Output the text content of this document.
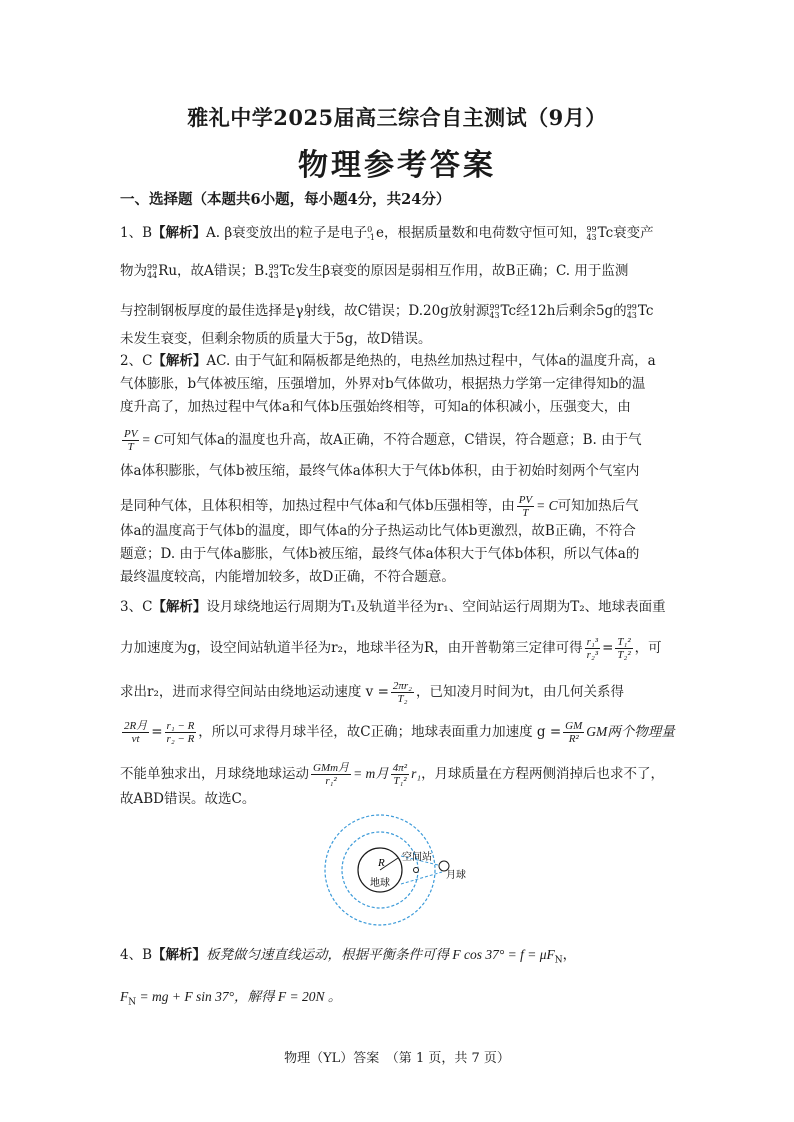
雅礼中学2025届高三综合自主测试（9月）
物理参考答案
一、选择题（本题共6小题，每小题4分，共24分）
1、B【解析】A. β衰变放出的粒子是电子 0
-1 e，根据质量数和电荷数守恒可知， 99
43 Tc衰变产
物为 99
44 Ru，故A错误；B. 99
43 Tc发生β衰变的原因是弱相互作用，故B正确；C. 用于监测
与控制钢板厚度的最佳选择是γ射线，故C错误；D.20g放射源 99
43 Tc经12h后剩余5g的 99
43 Tc
未发生衰变，但剩余物质的质量大于5g，故D错误。
2、C【解析】AC. 由于气缸和隔板都是绝热的，电热丝加热过程中，气体a的温度升高，a
气体膨胀，b气体被压缩，压强增加，外界对b气体做功，根据热力学第一定律得知b的温
度升高了，加热过程中气体a和气体b压强始终相等，可知a的体积减小，压强变大，由
$\frac{PV}{T} = C$可知气体a的温度也升高，故A正确，不符合题意，C错误，符合题意；B. 由于气
体a体积膨胀，气体b被压缩，最终气体a体积大于气体b体积，由于初始时刻两个气室内
是同种气体，且体积相等，加热过程中气体a和气体b压强相等，由 $\frac{PV}{T} = C$可知加热后气
体a的温度高于气体b的温度，即气体a的分子热运动比气体b更激烈，故B正确，不符合
题意；D. 由于气体a膨胀，气体b被压缩，最终气体a体积大于气体b体积，所以气体a的
最终温度较高，内能增加较多，故D正确，不符合题意。
3、C【解析】设月球绕地运行周期为T₁及轨道半径为r₁、空间站运行周期为T₂、地球表面重
力加速度为g，设空间站轨道半径为r₂，地球半径为R，由开普勒第三定律可得 $\frac{\text{r₁³}}{\text{r₂³}} = \frac{\text{T₁²}}{\text{T₂²}}$ ，可
求出r₂，进而求得空间站由绕地运动速度 $v = \frac{\text{2πr₂}}{\text{T₂}}$ ，已知凌月时间为t，由几何关系得
$\frac{\text{2R月}}{vt} = \frac{\text{r₁ − R}}{\text{r₂ − R}}$ ，所以可求得月球半径，故C正确；地球表面重力加速度 $g = \frac{GM}{\text{R²}}$ GM两个物理量
不能单独求出，月球绕地球运动 $\frac{\text{GMm月}}{\text{r₁²}} = m$月 $\frac{\text{4π²}}{\text{T₁²}} r_1$，月球质量在方程两侧消掉后也求不了，
故ABD错误。故选C。
R
地球
空间站
月球
4、B【解析】板凳做匀速直线运动，根据平衡条件可得 F $\cos 37^\circ = f = \mu F_N$，
$F_N$ = mg + F sin 37°，解得 F = 20N 。
物理（YL）答案　（第 1 页，共 7 页）
